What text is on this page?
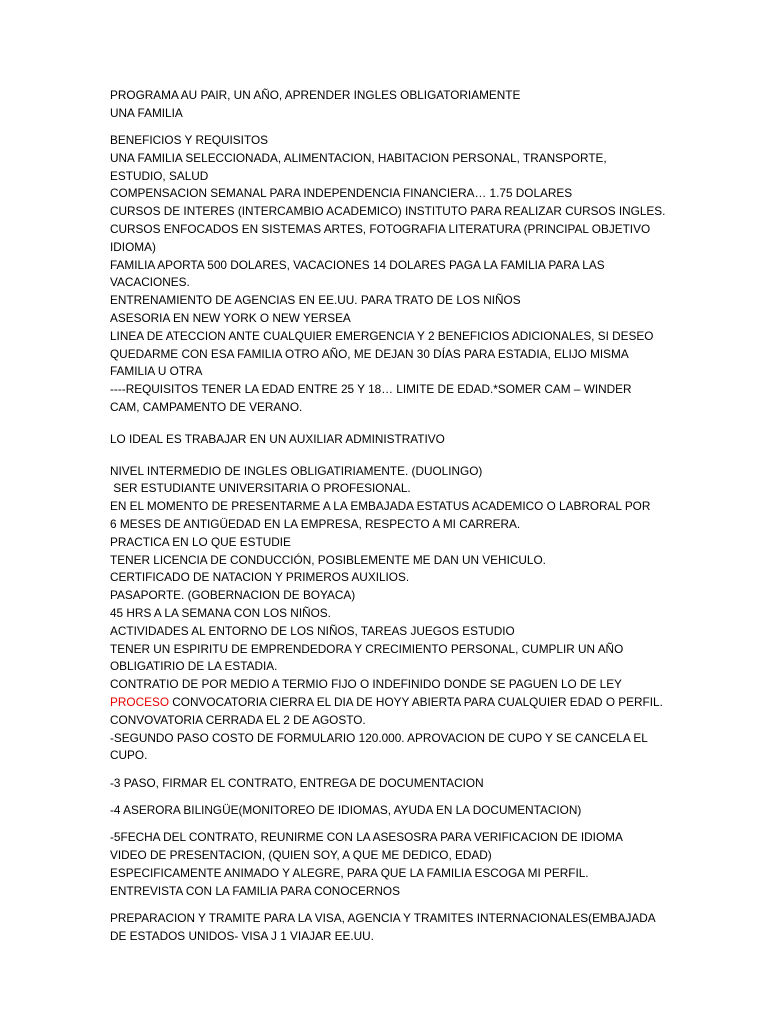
PROGRAMA AU PAIR, UN AÑO, APRENDER INGLES OBLIGATORIAMENTE
UNA FAMILIA
BENEFICIOS Y REQUISITOS
UNA FAMILIA SELECCIONADA, ALIMENTACION, HABITACION PERSONAL, TRANSPORTE,
ESTUDIO, SALUD
COMPENSACION SEMANAL PARA INDEPENDENCIA FINANCIERA… 1.75 DOLARES
CURSOS DE INTERES (INTERCAMBIO ACADEMICO) INSTITUTO PARA REALIZAR CURSOS INGLES.
CURSOS ENFOCADOS EN SISTEMAS ARTES, FOTOGRAFIA LITERATURA (PRINCIPAL OBJETIVO
IDIOMA)
FAMILIA APORTA 500 DOLARES, VACACIONES 14 DOLARES PAGA LA FAMILIA PARA LAS
VACACIONES.
ENTRENAMIENTO DE AGENCIAS EN EE.UU. PARA TRATO DE LOS NIÑOS
ASESORIA EN NEW YORK O NEW YERSEA
LINEA DE ATECCION ANTE CUALQUIER EMERGENCIA Y 2 BENEFICIOS ADICIONALES, SI DESEO
QUEDARME CON ESA FAMILIA OTRO AÑO, ME DEJAN 30 DÍAS PARA ESTADIA, ELIJO MISMA
FAMILIA U OTRA
----REQUISITOS TENER LA EDAD ENTRE 25 Y 18… LIMITE DE EDAD.*SOMER CAM – WINDER
CAM, CAMPAMENTO DE VERANO.
LO IDEAL ES TRABAJAR EN UN AUXILIAR ADMINISTRATIVO
NIVEL INTERMEDIO DE INGLES OBLIGATIRIAMENTE. (DUOLINGO)
SER ESTUDIANTE UNIVERSITARIA O PROFESIONAL.
EN EL MOMENTO DE PRESENTARME A LA EMBAJADA ESTATUS ACADEMICO O LABRORAL POR
6 MESES DE ANTIGÜEDAD EN LA EMPRESA, RESPECTO A MI CARRERA.
PRACTICA EN LO QUE ESTUDIE
TENER LICENCIA DE CONDUCCIÓN, POSIBLEMENTE ME DAN UN VEHICULO.
CERTIFICADO DE NATACION Y PRIMEROS AUXILIOS.
PASAPORTE. (GOBERNACION DE BOYACA)
45 HRS A LA SEMANA CON LOS NIÑOS.
ACTIVIDADES AL ENTORNO DE LOS NIÑOS, TAREAS JUEGOS ESTUDIO
TENER UN ESPIRITU DE EMPRENDEDORA Y CRECIMIENTO PERSONAL, CUMPLIR UN AÑO
OBLIGATIRIO DE LA ESTADIA.
CONTRATIO DE POR MEDIO A TERMIO FIJO O INDEFINIDO DONDE SE PAGUEN LO DE LEY
PROCESO CONVOCATORIA CIERRA EL DIA DE HOYY ABIERTA PARA CUALQUIER EDAD O PERFIL.
CONVOVATORIA CERRADA EL 2 DE AGOSTO.
-SEGUNDO PASO COSTO DE FORMULARIO 120.000. APROVACION DE CUPO Y SE CANCELA EL
CUPO.
-3 PASO, FIRMAR EL CONTRATO, ENTREGA DE DOCUMENTACION
-4 ASERORA BILINGÜE(MONITOREO DE IDIOMAS, AYUDA EN LA DOCUMENTACION)
-5FECHA DEL CONTRATO, REUNIRME CON LA ASESOSRA PARA VERIFICACION DE IDIOMA
VIDEO DE PRESENTACION, (QUIEN SOY, A QUE ME DEDICO, EDAD)
ESPECIFICAMENTE ANIMADO Y ALEGRE, PARA QUE LA FAMILIA ESCOGA MI PERFIL.
ENTREVISTA CON LA FAMILIA PARA CONOCERNOS
PREPARACION Y TRAMITE PARA LA VISA, AGENCIA Y TRAMITES INTERNACIONALES(EMBAJADA
DE ESTADOS UNIDOS- VISA J 1 VIAJAR EE.UU.
